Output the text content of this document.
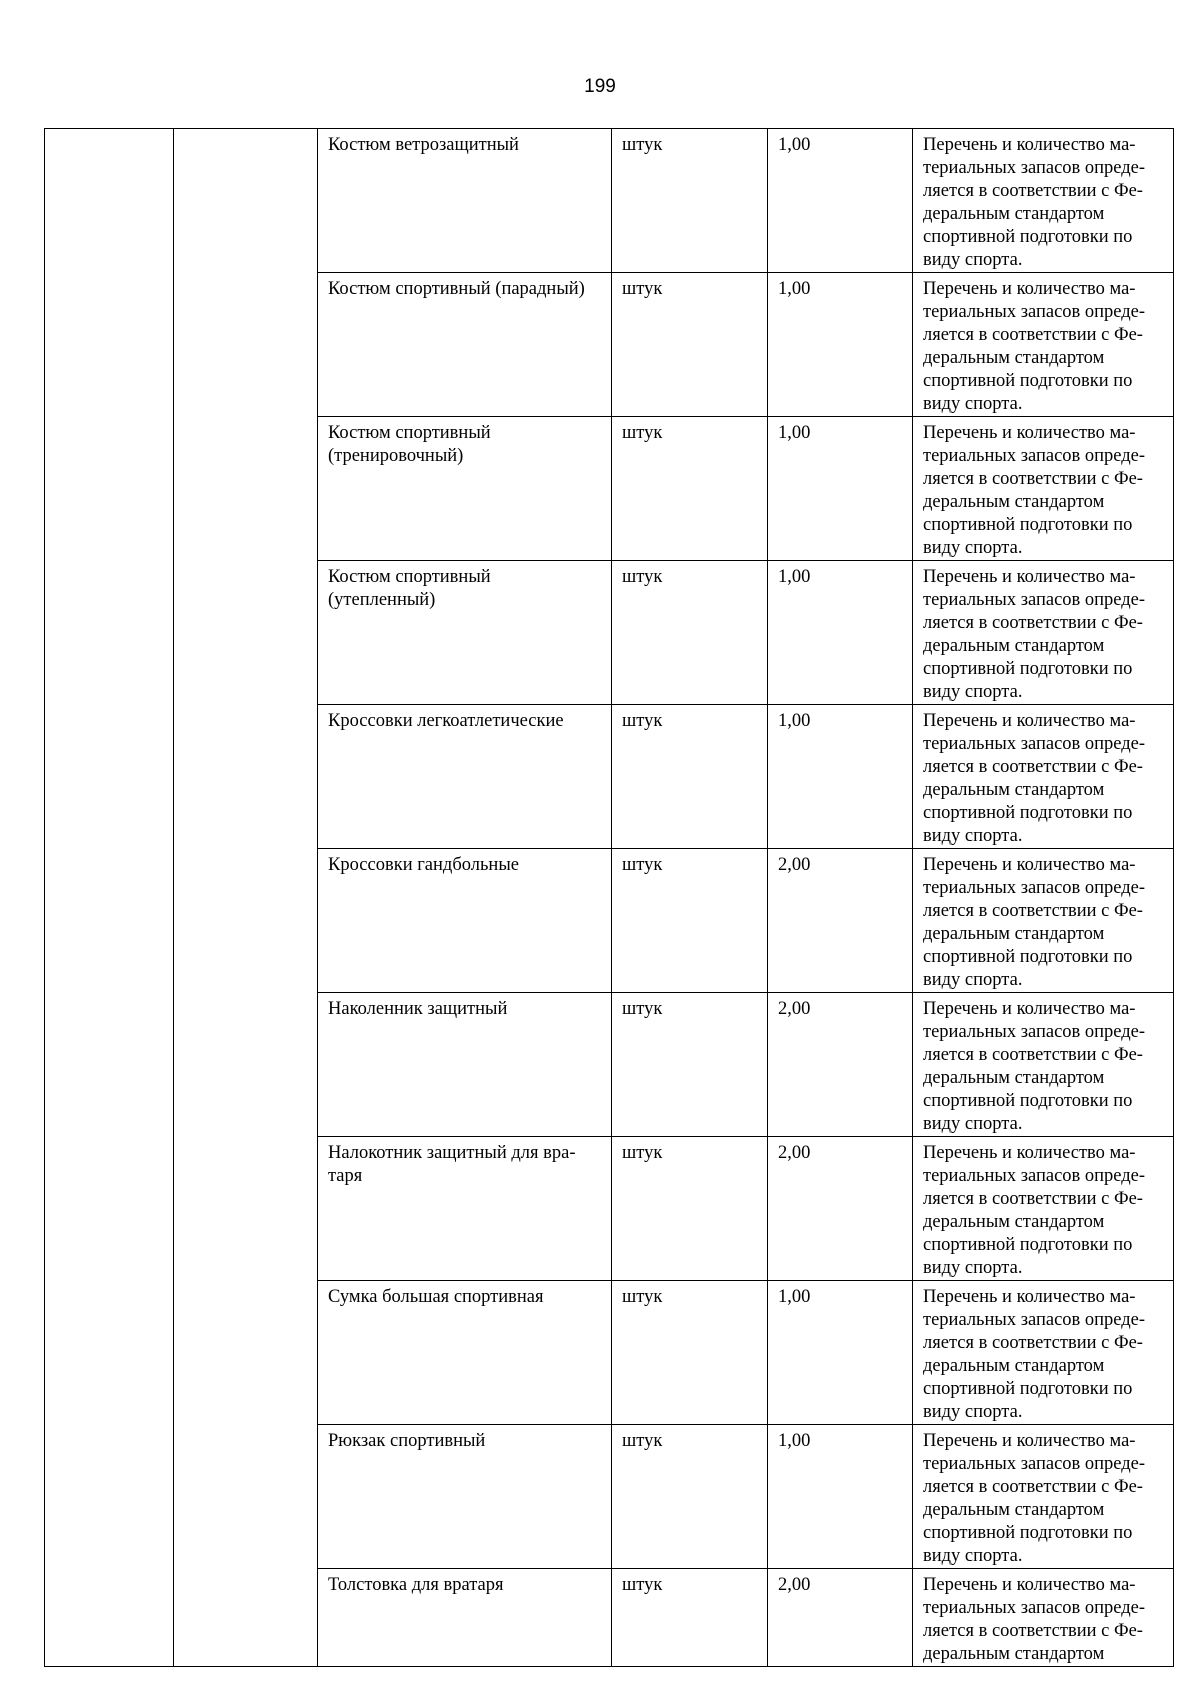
199

		Костюм ветрозащитный	штук	1,00	Перечень и количество ма-териальных запасов опреде-ляется в соответствии с Фе-деральным стандартом спортивной подготовки по виду спорта.

		Костюм спортивный (парадный)	штук	1,00	Перечень и количество ма-териальных запасов опреде-ляется в соответствии с Фе-деральным стандартом спортивной подготовки по виду спорта.

		Костюм спортивный (тренировочный)	штук	1,00	Перечень и количество ма-териальных запасов опреде-ляется в соответствии с Фе-деральным стандартом спортивной подготовки по виду спорта.

		Костюм спортивный (утепленный)	штук	1,00	Перечень и количество ма-териальных запасов опреде-ляется в соответствии с Фе-деральным стандартом спортивной подготовки по виду спорта.

		Кроссовки легкоатлетические	штук	1,00	Перечень и количество ма-териальных запасов опреде-ляется в соответствии с Фе-деральным стандартом спортивной подготовки по виду спорта.

		Кроссовки гандбольные	штук	2,00	Перечень и количество ма-териальных запасов опреде-ляется в соответствии с Фе-деральным стандартом спортивной подготовки по виду спорта.

		Наколенник защитный	штук	2,00	Перечень и количество ма-териальных запасов опреде-ляется в соответствии с Фе-деральным стандартом спортивной подготовки по виду спорта.

		Налокотник защитный для вра-таря	штук	2,00	Перечень и количество ма-териальных запасов опреде-ляется в соответствии с Фе-деральным стандартом спортивной подготовки по виду спорта.

		Сумка большая спортивная	штук	1,00	Перечень и количество ма-териальных запасов опреде-ляется в соответствии с Фе-деральным стандартом спортивной подготовки по виду спорта.

		Рюкзак спортивный	штук	1,00	Перечень и количество ма-териальных запасов опреде-ляется в соответствии с Фе-деральным стандартом спортивной подготовки по виду спорта.

		Толстовка для вратаря	штук	2,00	Перечень и количество ма-териальных запасов опреде-ляется в соответствии с Фе-деральным стандартом
